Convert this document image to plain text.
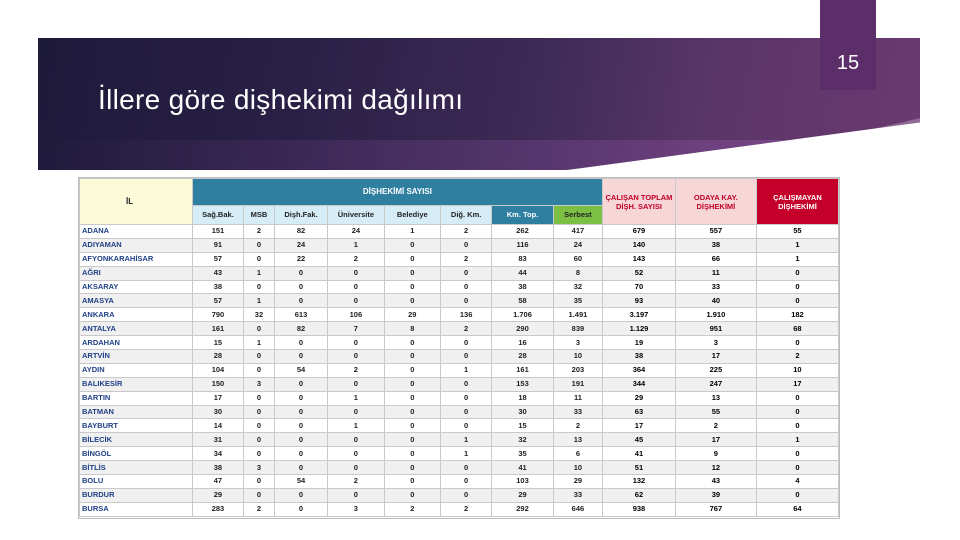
15
İllere göre dişhekimi dağılımı
İL	DİŞHEKİMİ SAYISI								ÇALIŞAN TOPLAM DİŞH. SAYISI	ODAYA KAY. DİŞHEKİMİ	ÇALIŞMAYAN DİŞHEKİMİ
	Sağ.Bak.	MSB	Dişh.Fak.	Üniversite	Belediye	Diğ. Km.	Km. Top.	Serbest			
ADANA	151	2	82	24	1	2	262	417	679	557	55
ADIYAMAN	91	0	24	1	0	0	116	24	140	38	1
AFYONKARAHİSAR	57	0	22	2	0	2	83	60	143	66	1
AĞRI	43	1	0	0	0	0	44	8	52	11	0
AKSARAY	38	0	0	0	0	0	38	32	70	33	0
AMASYA	57	1	0	0	0	0	58	35	93	40	0
ANKARA	790	32	613	106	29	136	1.706	1.491	3.197	1.910	182
ANTALYA	161	0	82	7	8	2	290	839	1.129	951	68
ARDAHAN	15	1	0	0	0	0	16	3	19	3	0
ARTVİN	28	0	0	0	0	0	28	10	38	17	2
AYDIN	104	0	54	2	0	1	161	203	364	225	10
BALIKESİR	150	3	0	0	0	0	153	191	344	247	17
BARTIN	17	0	0	1	0	0	18	11	29	13	0
BATMAN	30	0	0	0	0	0	30	33	63	55	0
BAYBURT	14	0	0	1	0	0	15	2	17	2	0
BİLECİK	31	0	0	0	0	1	32	13	45	17	1
BİNGÖL	34	0	0	0	0	1	35	6	41	9	0
BİTLİS	38	3	0	0	0	0	41	10	51	12	0
BOLU	47	0	54	2	0	0	103	29	132	43	4
BURDUR	29	0	0	0	0	0	29	33	62	39	0
BURSA	283	2	0	3	2	2	292	646	938	767	64
